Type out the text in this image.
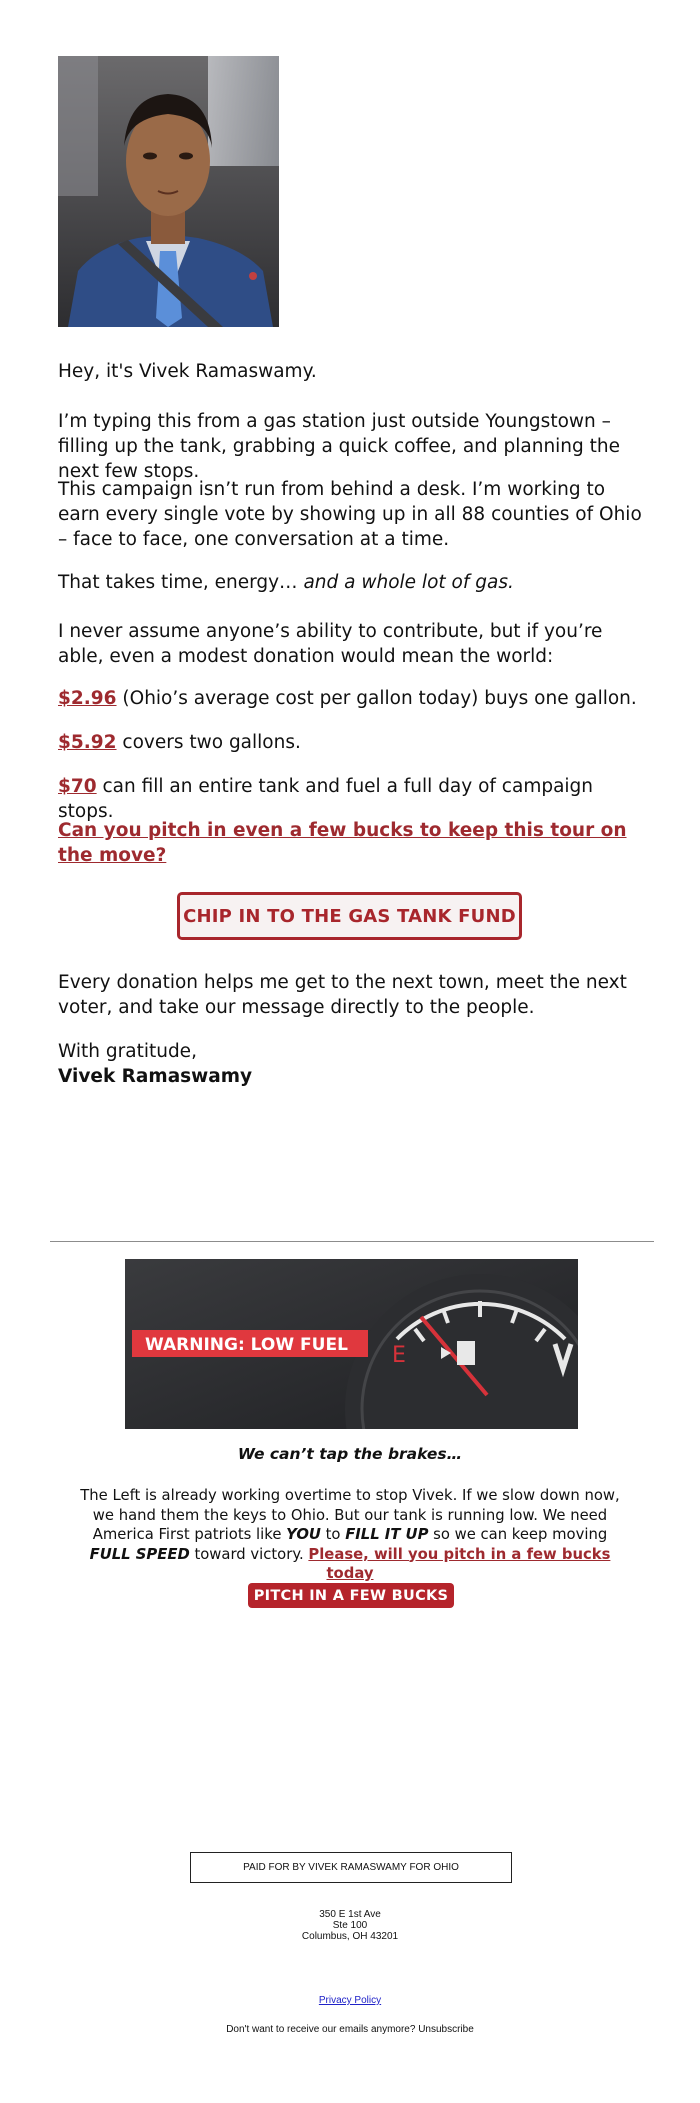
Hey, it's Vivek Ramaswamy.

I’m typing this from a gas station just outside Youngstown – filling up the tank, grabbing a quick coffee, and planning the next few stops.

This campaign isn’t run from behind a desk. I’m working to earn every single vote by showing up in all 88 counties of Ohio – face to face, one conversation at a time.

That takes time, energy… and a whole lot of gas.

I never assume anyone’s ability to contribute, but if you’re able, even a modest donation would mean the world:

$2.96 (Ohio’s average cost per gallon today) buys one gallon.

$5.92 covers two gallons.

$70 can fill an entire tank and fuel a full day of campaign stops.

Can you pitch in even a few bucks to keep this tour on the move?

CHIP IN TO THE GAS TANK FUND

Every donation helps me get to the next town, meet the next voter, and take our message directly to the people.

With gratitude,

Vivek Ramaswamy

WARNING: LOW FUEL E
We can’t tap the brakes…

The Left is already working overtime to stop Vivek. If we slow down now, we hand them the keys to Ohio. But our tank is running low. We need America First patriots like YOU to FILL IT UP so we can keep moving FULL SPEED toward victory. Please, will you pitch in a few bucks today

PITCH IN A FEW BUCKS
PAID FOR BY VIVEK RAMASWAMY FOR OHIO
350 E 1st Ave
Ste 100
Columbus, OH 43201
Privacy Policy
Don't want to receive our emails anymore? Unsubscribe
